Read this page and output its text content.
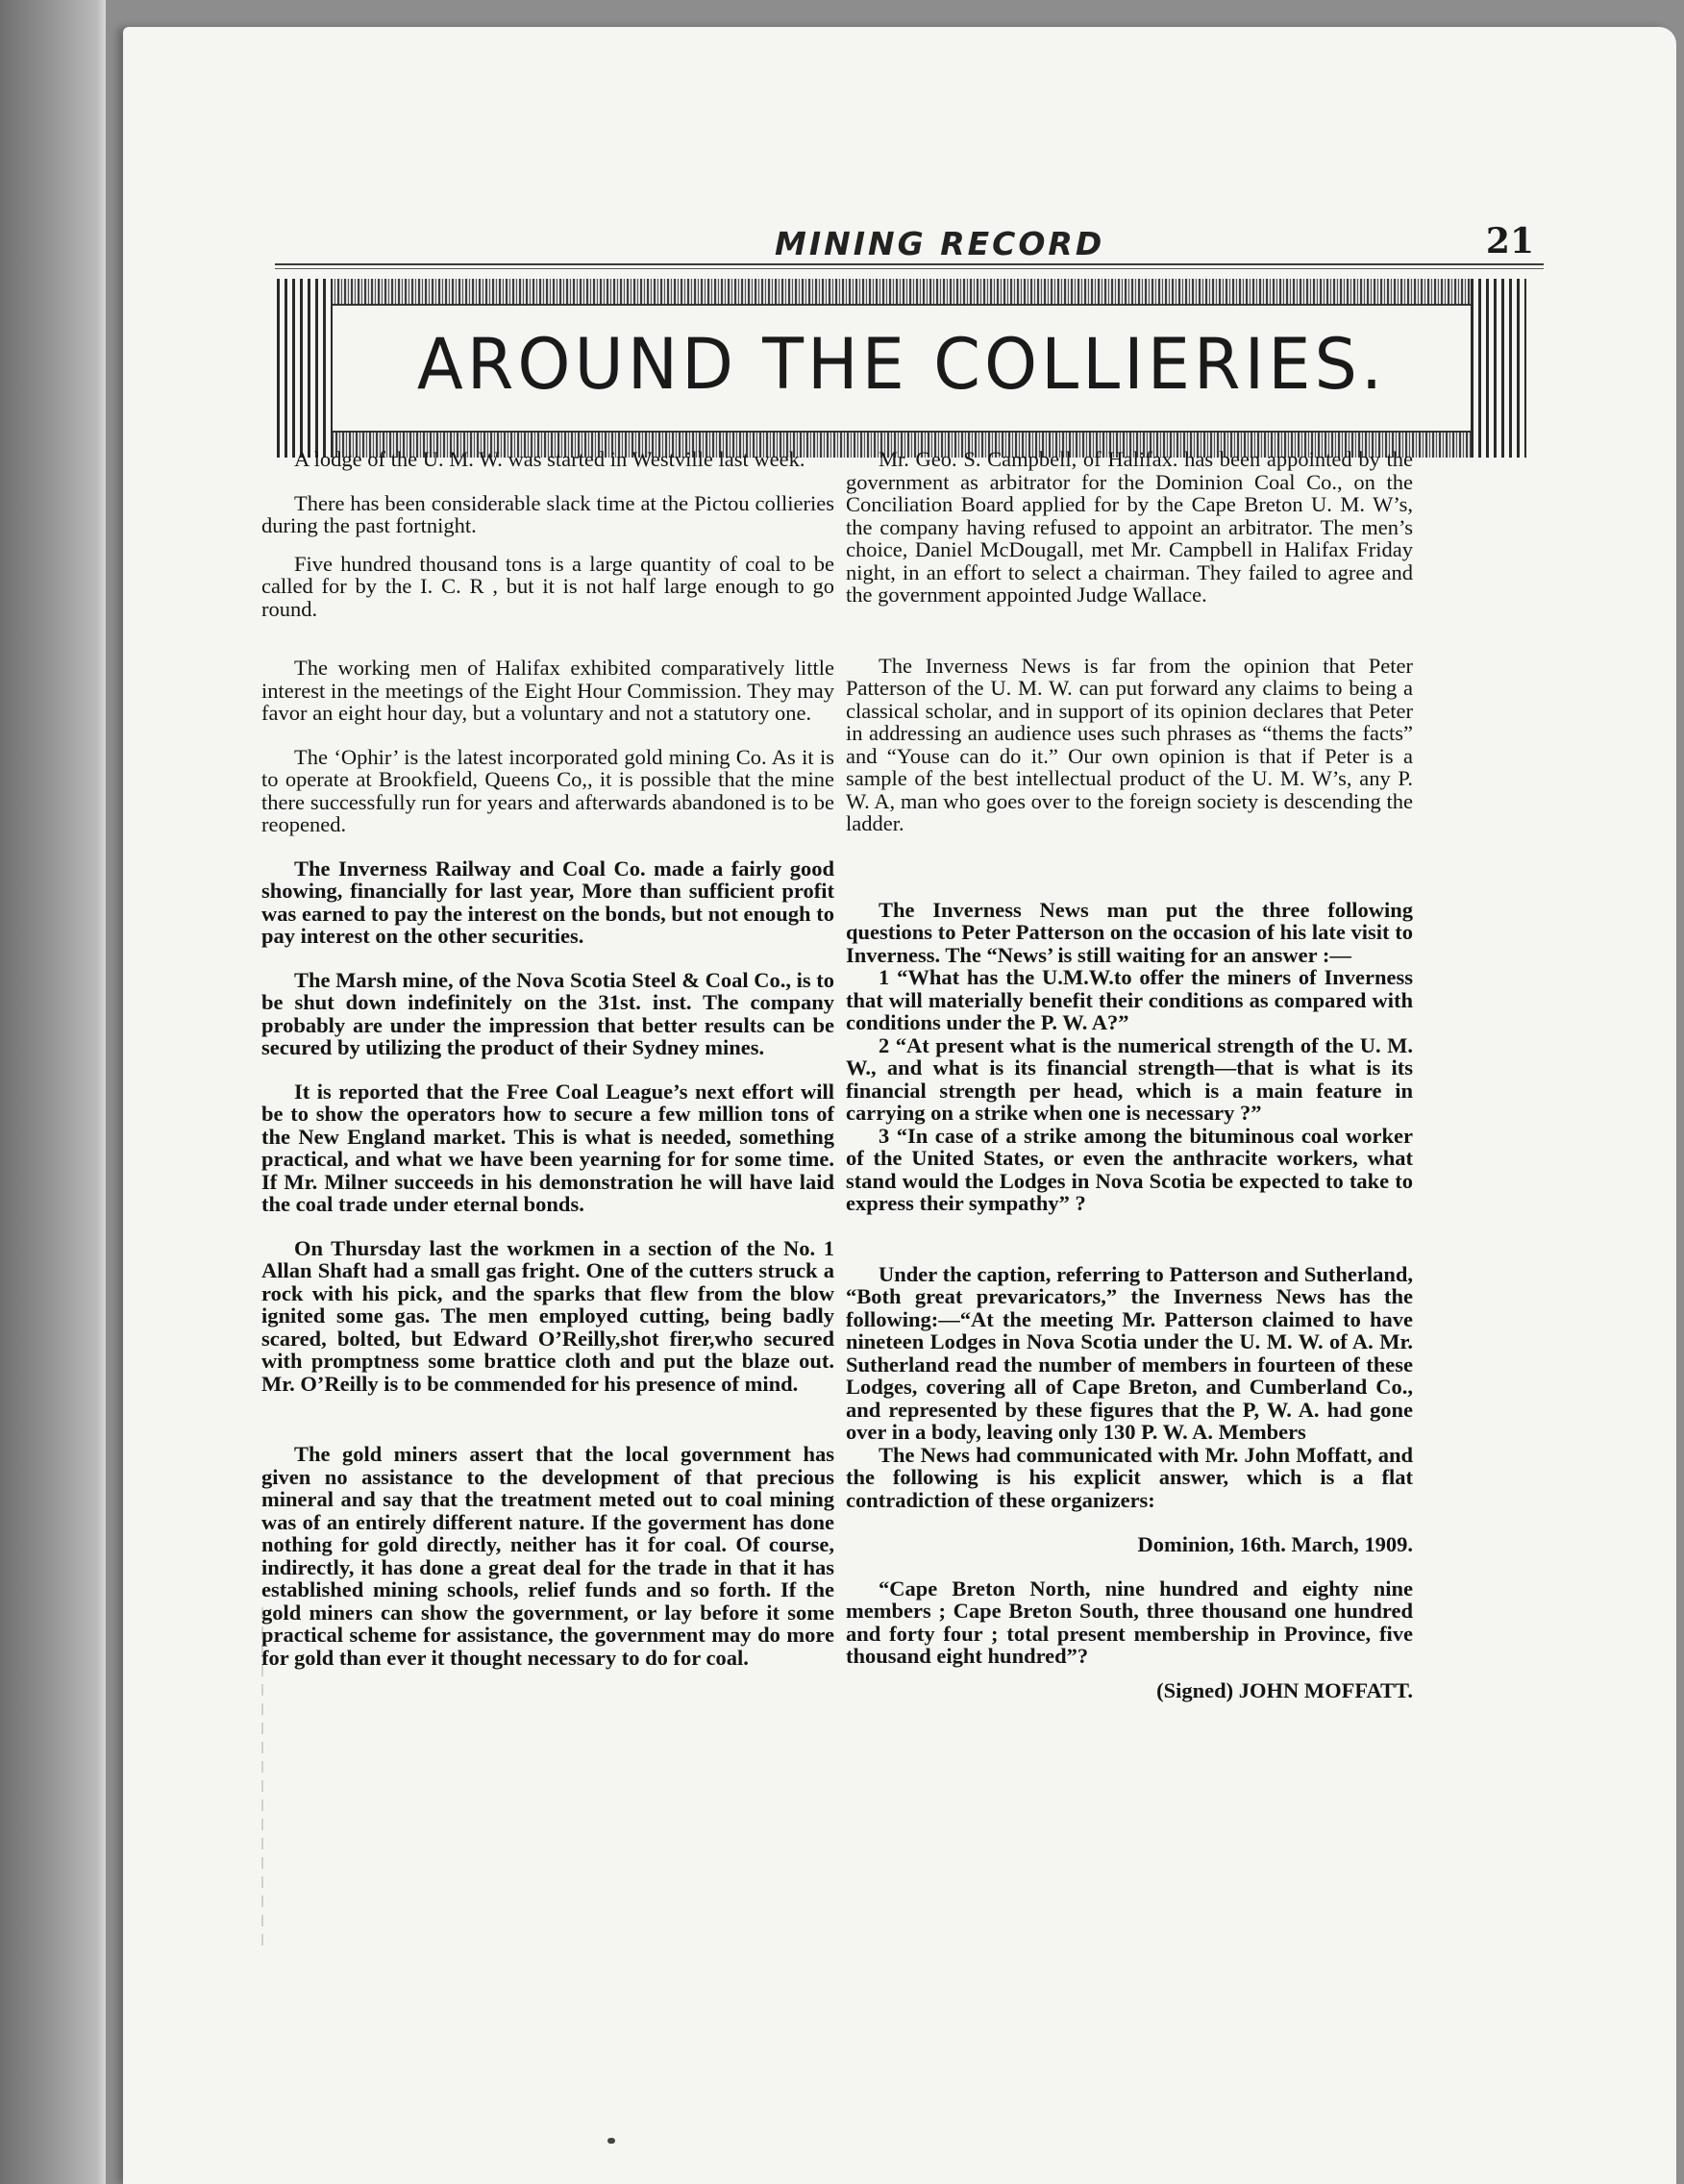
MINING RECORD	21
AROUND THE COLLIERIES.

A lodge of the U. M. W. was started in Westville last week.

There has been considerable slack time at the Pictou collieries during the past fortnight.

Five hundred thousand tons is a large quantity of coal to be called for by the I. C. R , but it is not half large enough to go round.

The working men of Halifax exhibited comparatively little interest in the meetings of the Eight Hour Commission. They may favor an eight hour day, but a voluntary and not a statutory one.

The ‘Ophir’ is the latest incorporated gold mining Co. As it is to operate at Brookfield, Queens Co,, it is possible that the mine there successfully run for years and afterwards abandoned is to be reopened.

The Inverness Railway and Coal Co. made a fairly good showing, financially for last year, More than sufficient profit was earned to pay the interest on the bonds, but not enough to pay interest on the other securities.

The Marsh mine, of the Nova Scotia Steel & Coal Co., is to be shut down indefinitely on the 31st. inst. The company probably are under the impression that better results can be secured by utilizing the product of their Sydney mines.

It is reported that the Free Coal League’s next effort will be to show the operators how to secure a few million tons of the New England market. This is what is needed, something practical, and what we have been yearning for for some time. If Mr. Milner succeeds in his demonstration he will have laid the coal trade under eternal bonds.

On Thursday last the workmen in a section of the No. 1 Allan Shaft had a small gas fright. One of the cutters struck a rock with his pick, and the sparks that flew from the blow ignited some gas. The men employed cutting, being badly scared, bolted, but Edward O’Reilly,shot firer,who secured with promptness some brattice cloth and put the blaze out. Mr. O’Reilly is to be commended for his presence of mind.

The gold miners assert that the local government has given no assistance to the development of that precious mineral and say that the treatment meted out to coal mining was of an entirely different nature. If the goverment has done nothing for gold directly, neither has it for coal. Of course, indirectly, it has done a great deal for the trade in that it has established mining schools, relief funds and so forth. If the gold miners can show the government, or lay before it some practical scheme for assistance, the government may do more for gold than ever it thought necessary to do for coal.

Mr. Geo. S. Campbell, of Halifax. has been appointed by the government as arbitrator for the Dominion Coal Co., on the Conciliation Board applied for by the Cape Breton U. M. W’s, the company having refused to appoint an arbitrator. The men’s choice, Daniel McDougall, met Mr. Campbell in Halifax Friday night, in an effort to select a chairman. They failed to agree and the government appointed Judge Wallace.

The Inverness News is far from the opinion that Peter Patterson of the U. M. W. can put forward any claims to being a classical scholar, and in support of its opinion declares that Peter in addressing an audience uses such phrases as “thems the facts” and “Youse can do it.” Our own opinion is that if Peter is a sample of the best intellectual product of the U. M. W’s, any P. W. A, man who goes over to the foreign society is descending the ladder.

The Inverness News man put the three following questions to Peter Patterson on the occasion of his late visit to Inverness. The “News’ is still waiting for an answer :—

1 “What has the U.M.W.to offer the miners of Inverness that will materially benefit their conditions as compared with conditions under the P. W. A?”

2 “At present what is the numerical strength of the U. M. W., and what is its financial strength—that is what is its financial strength per head, which is a main feature in carrying on a strike when one is necessary ?”

3 “In case of a strike among the bituminous coal worker of the United States, or even the anthracite workers, what stand would the Lodges in Nova Scotia be expected to take to express their sympathy” ?

Under the caption, referring to Patterson and Sutherland, “Both great prevaricators,” the Inverness News has the following:—“At the meeting Mr. Patterson claimed to have nineteen Lodges in Nova Scotia under the U. M. W. of A. Mr. Sutherland read the number of members in fourteen of these Lodges, covering all of Cape Breton, and Cumberland Co., and represented by these figures that the P, W. A. had gone over in a body, leaving only 130 P. W. A. Members

The News had communicated with Mr. John Moffatt, and the following is his explicit answer, which is a flat contradiction of these organizers:

Dominion, 16th. March, 1909.

“Cape Breton North, nine hundred and eighty nine members ; Cape Breton South, three thousand one hundred and forty four ; total present membership in Province, five thousand eight hundred”?

(Signed) JOHN MOFFATT.
